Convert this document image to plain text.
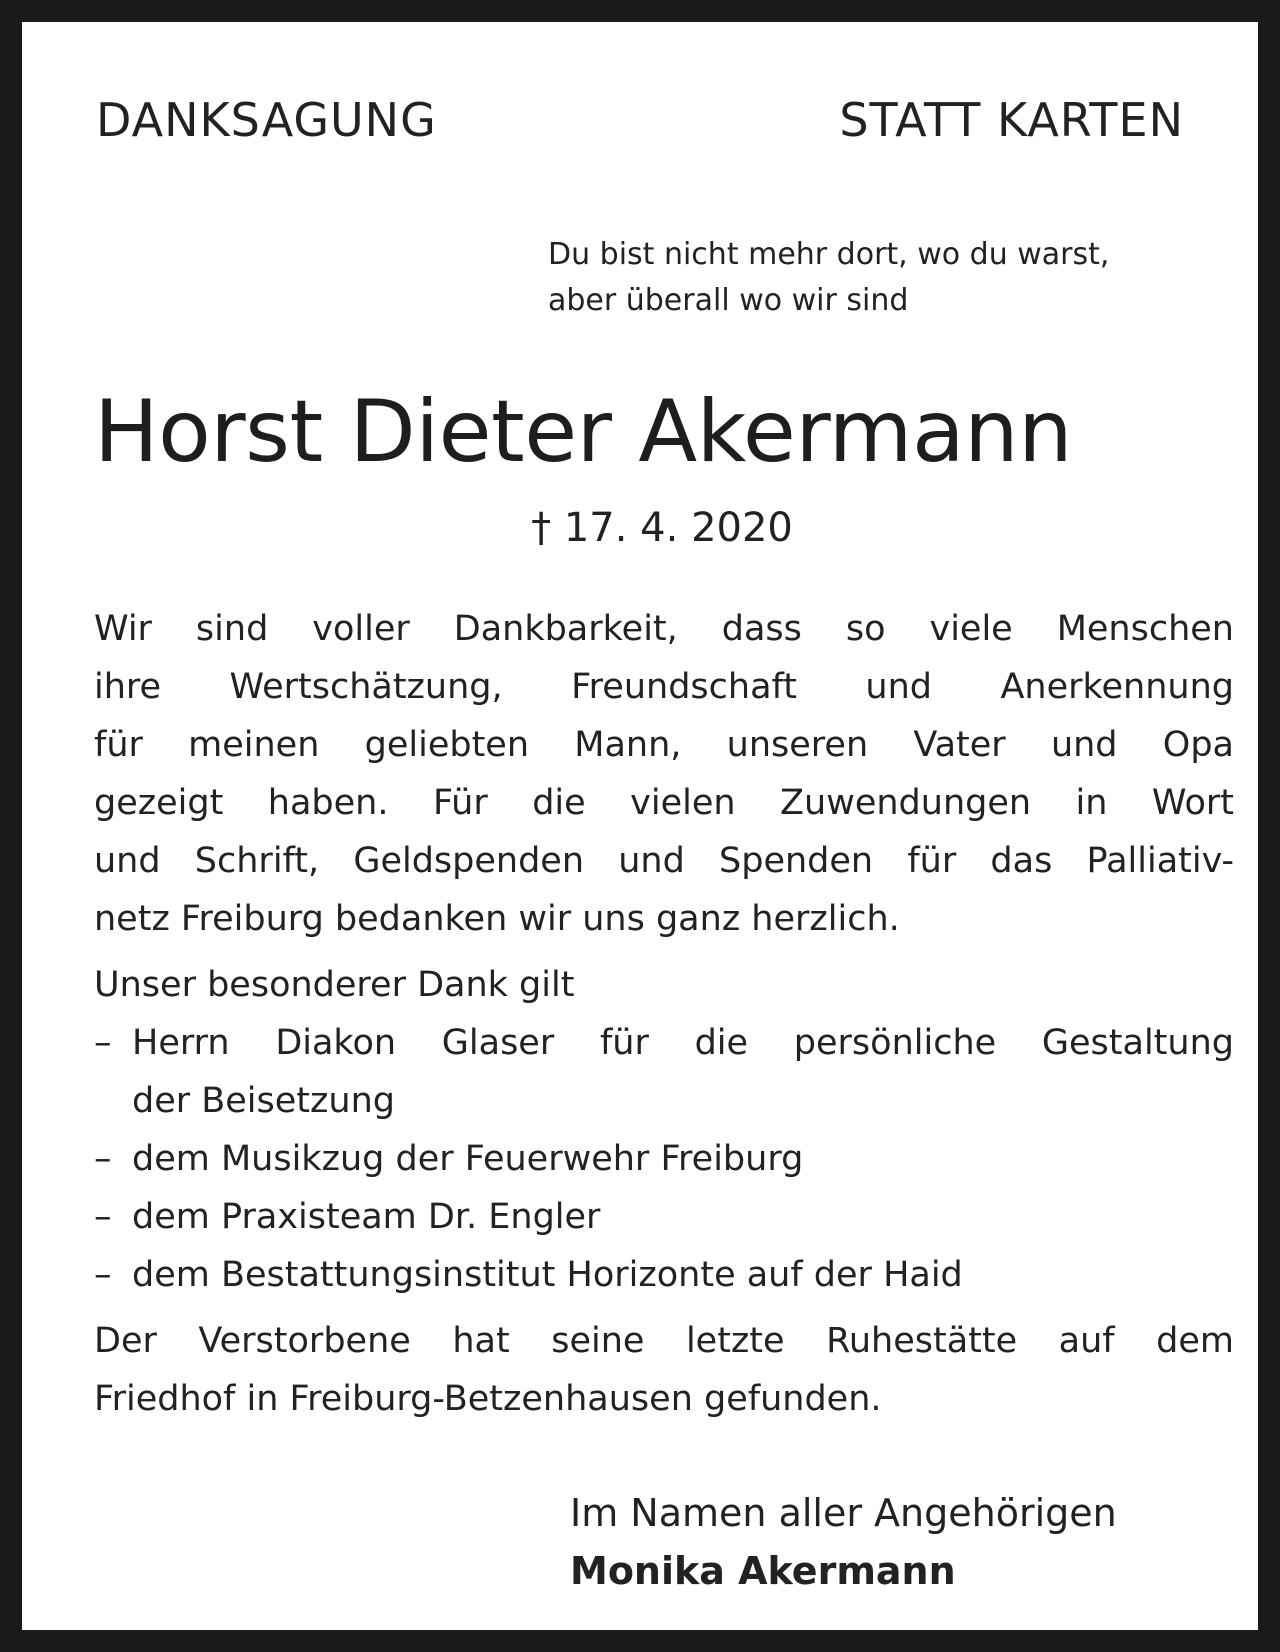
DANKSAGUNG	STATT KARTEN
Du bist nicht mehr dort, wo du warst,
aber überall wo wir sind
Horst Dieter Akermann
† 17. 4. 2020
Wir sind voller Dankbarkeit, dass so viele Menschen
ihre Wertschätzung, Freundschaft und Anerkennung
für meinen geliebten Mann, unseren Vater und Opa
gezeigt haben. Für die vielen Zuwendungen in Wort
und Schrift, Geldspenden und Spenden für das Palliativ-
netz Freiburg bedanken wir uns ganz herzlich.
Unser besonderer Dank gilt
– Herrn Diakon Glaser für die persönliche Gestaltung
der Beisetzung
– dem Musikzug der Feuerwehr Freiburg
– dem Praxisteam Dr. Engler
– dem Bestattungsinstitut Horizonte auf der Haid
Der Verstorbene hat seine letzte Ruhestätte auf dem
Friedhof in Freiburg-Betzenhausen gefunden.
Im Namen aller Angehörigen
Monika Akermann
